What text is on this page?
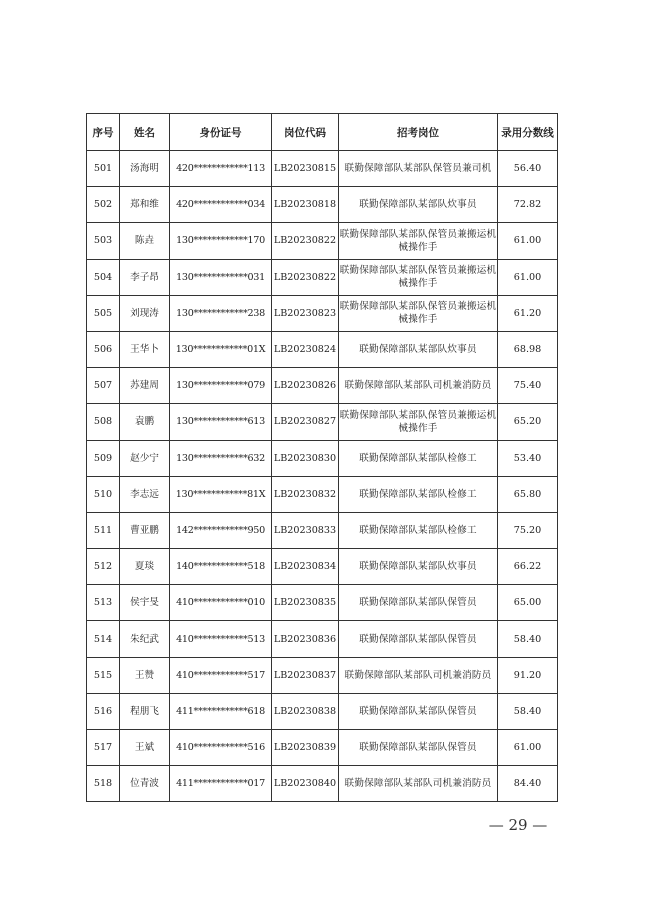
序号	姓名	身份证号	岗位代码	招考岗位	录用分数线
501	汤海明	420************113	LB20230815	联勤保障部队某部队保管员兼司机	56.40
502	郑和维	420************034	LB20230818	联勤保障部队某部队炊事员	72.82
503	陈垚	130************170	LB20230822	联勤保障部队某部队保管员兼搬运机械操作手	61.00
504	李子昂	130************031	LB20230822	联勤保障部队某部队保管员兼搬运机械操作手	61.00
505	刘现涛	130************238	LB20230823	联勤保障部队某部队保管员兼搬运机械操作手	61.20
506	王华卜	130************01X	LB20230824	联勤保障部队某部队炊事员	68.98
507	苏建周	130************079	LB20230826	联勤保障部队某部队司机兼消防员	75.40
508	袁鹏	130************613	LB20230827	联勤保障部队某部队保管员兼搬运机械操作手	65.20
509	赵少宁	130************632	LB20230830	联勤保障部队某部队检修工	53.40
510	李志远	130************81X	LB20230832	联勤保障部队某部队检修工	65.80
511	曹亚鹏	142************950	LB20230833	联勤保障部队某部队检修工	75.20
512	夏琰	140************518	LB20230834	联勤保障部队某部队炊事员	66.22
513	侯宇旻	410************010	LB20230835	联勤保障部队某部队保管员	65.00
514	朱纪武	410************513	LB20230836	联勤保障部队某部队保管员	58.40
515	王赞	410************517	LB20230837	联勤保障部队某部队司机兼消防员	91.20
516	程朋飞	411************618	LB20230838	联勤保障部队某部队保管员	58.40
517	王斌	410************516	LB20230839	联勤保障部队某部队保管员	61.00
518	位青波	411************017	LB20230840	联勤保障部队某部队司机兼消防员	84.40
— 29 —
